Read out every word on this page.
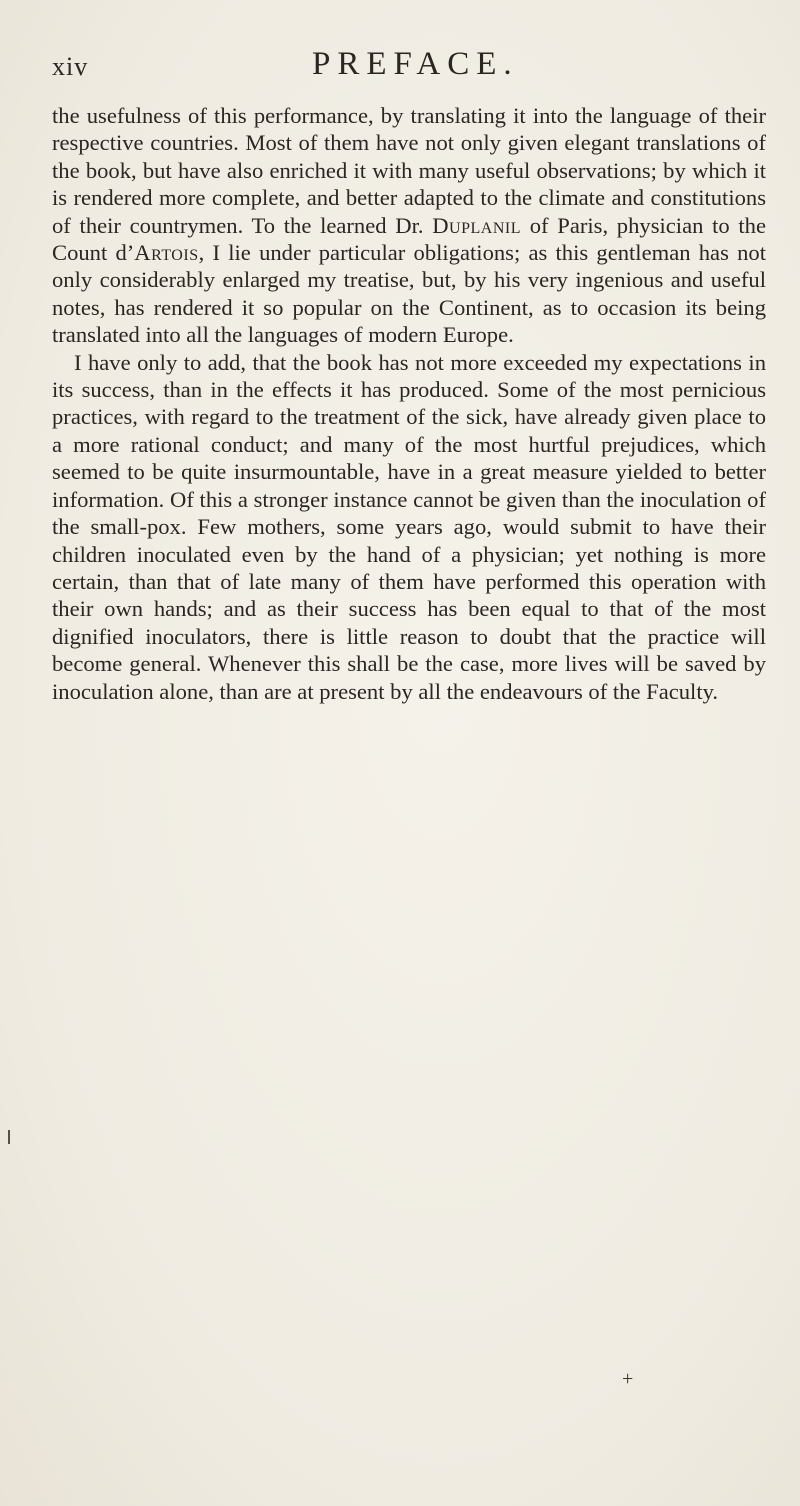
xiv	PREFACE.

the usefulness of this performance, by translating it into the language of their respective countries. Most of them have not only given elegant translations of the book, but have also enriched it with many useful observations; by which it is rendered more complete, and better adapted to the climate and constitutions of their countrymen. To the learned Dr. Duplanil of Paris, physician to the Count d’Artois, I lie under particular obligations; as this gentleman has not only considerably enlarged my treatise, but, by his very ingenious and useful notes, has rendered it so popular on the Continent, as to occasion its being translated into all the languages of modern Europe.

I have only to add, that the book has not more exceeded my expectations in its success, than in the effects it has produced. Some of the most pernicious practices, with regard to the treatment of the sick, have already given place to a more rational conduct; and many of the most hurtful prejudices, which seemed to be quite insurmountable, have in a great measure yielded to better information. Of this a stronger instance cannot be given than the inoculation of the small-pox. Few mothers, some years ago, would submit to have their children inoculated even by the hand of a physician; yet nothing is more certain, than that of late many of them have performed this operation with their own hands; and as their success has been equal to that of the most dignified inoculators, there is little reason to doubt that the practice will become general. Whenever this shall be the case, more lives will be saved by inoculation alone, than are at present by all the endeavours of the Faculty.

+
